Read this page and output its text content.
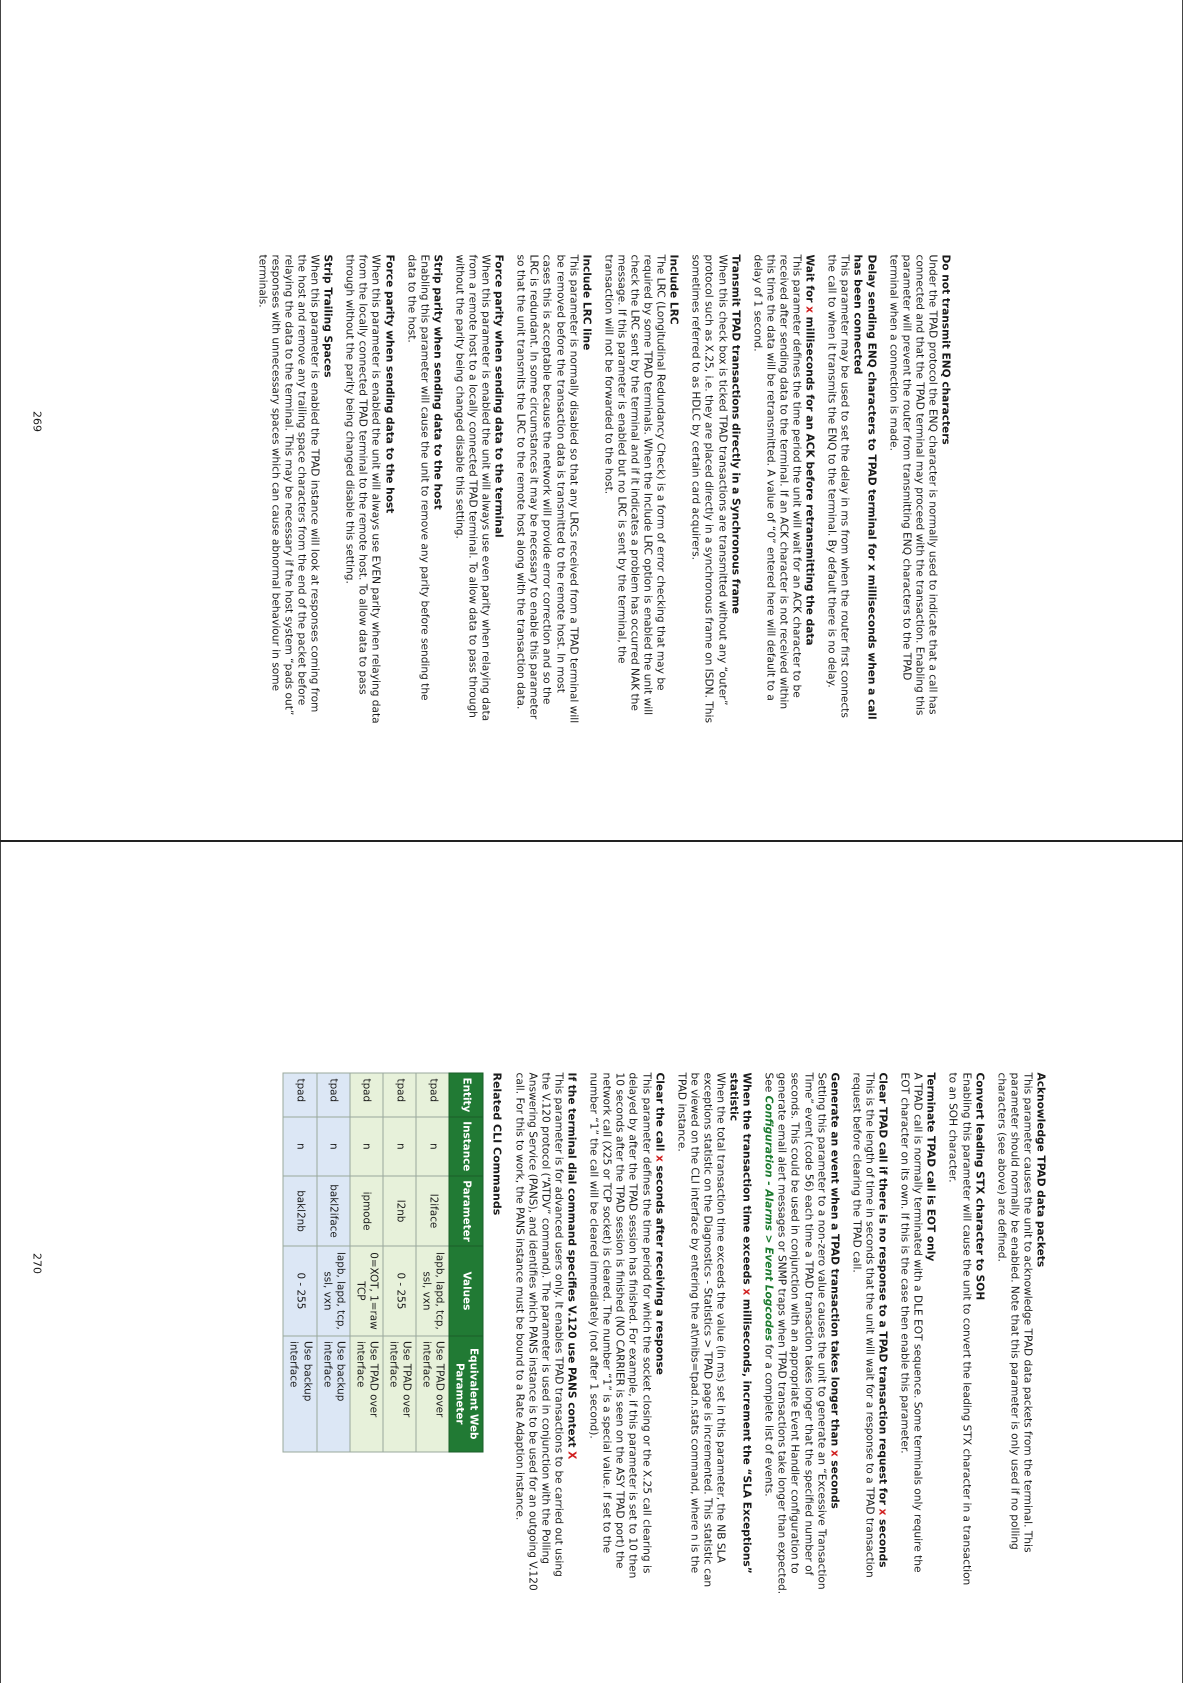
Do not transmit ENQ characters

Under the TPAD protocol the ENQ character is normally used to indicate that a call has connected and that the TPAD terminal may proceed with the transaction. Enabling this parameter will prevent the router from transmitting ENQ characters to the TPAD terminal when a connection is made.

Delay sending ENQ characters to TPAD terminal for x milliseconds when a call has been connected

This parameter may be used to set the delay in ms from when the router first connects the call to when it transmits the ENQ to the terminal. By default there is no delay.

Wait for x milliseconds for an ACK before retransmitting the data

This parameter defines the time period the unit will wait for an ACK character to be received after sending data to the terminal. If an ACK character is not received within this time the data will be retransmitted. A value of “0” entered here will default to a delay of 1 second.

Transmit TPAD transactions directly in a Synchronous frame

When this check box is ticked TPAD transactions are transmitted without any “outer” protocol such as X.25, i.e. they are placed directly in a synchronous frame on ISDN. This sometimes referred to as HDLC by certain card acquirers.

Include LRC

The LRC (Longitudinal Redundancy Check) is a form of error checking that may be required by some TPAD terminals. When the Include LRC option is enabled the unit will check the LRC sent by the terminal and if it indicates a problem has occurred NAK the message. If this parameter is enabled but no LRC is sent by the terminal, the transaction will not be forwarded to the host.

Include LRC line

This parameter is normally disabled so that any LRCs received from a TPAD terminal will be removed before the transaction data is transmitted to the remote host. In most cases this is acceptable because the network will provide error correction and so the LRC is redundant. In some circumstances it may be necessary to enable this parameter so that the unit transmits the LRC to the remote host along with the transaction data.

Force parity when sending data to the terminal

When this parameter is enabled the unit will always use even parity when relaying data from a remote host to a locally connected TPAD terminal. To allow data to pass through without the parity being changed disable this setting.

Strip parity when sending data to the host

Enabling this parameter will cause the unit to remove any parity before sending the data to the host.

Force parity when sending data to the host

When this parameter is enabled the unit will always use EVEN parity when relaying data from the locally connected TPAD terminal to the remote host. To allow data to pass through without the parity being changed disable this setting.

Strip Trailing Spaces

When this parameter is enabled the TPAD instance will look at responses coming from the host and remove any trailing space characters from the end of the packet before relaying the data to the terminal. This may be necessary if the host system “pads out” responses with unnecessary spaces which can cause abnormal behaviour in some terminals.

269

Acknowledge TPAD data packets

This parameter causes the unit to acknowledge TPAD data packets from the terminal. This parameter should normally be enabled. Note that this parameter is only used if no polling characters (see above) are defined.

Convert leading STX character to SOH

Enabling this parameter will cause the unit to convert the leading STX character in a transaction to an SOH character.

Terminate TPAD call is EOT only

A TPAD call is normally terminated with a DLE EOT sequence. Some terminals only require the EOT character on its own. If this is the case then enable this parameter.

Clear TPAD call if there is no response to a TPAD transaction request for x seconds

This is the length of time in seconds that the unit will wait for a response to a TPAD transaction request before clearing the TPAD call.

Generate an event when a TPAD transaction takes longer than x seconds

Setting this parameter to a non-zero value causes the unit to generate an “Excessive Transaction Time” event (code 56) each time a TPAD transaction takes longer that the specified number of seconds. This could be used in conjunction with an appropriate Event Handler configuration to generate email alert messages or SNMP traps when TPAD transactions take longer than expected. See Configuration - Alarms > Event Logcodes for a complete list of events.

When the transaction time exceeds x milliseconds, increment the “SLA Exceptions” statistic

When the total transaction time exceeds the value (in ms) set in this parameter, the NB SLA exceptions statistic on the Diagnostics - Statistics > TPAD page is incremented. This statistic can be viewed on the CLI interface by entering the at\mibs=tpad.n.stats command, where n is the TPAD instance.

Clear the call x seconds after receiving a response

This parameter defines the time period for which the socket closing or the X.25 call clearing is delayed by after the TPAD session has finished. For example, if this parameter is set to 10 then 10 seconds after the TPAD session is finished (NO CARRIER is seen on the ASY TPAD port) the network call (X25 or TCP socket) is cleared. The number “1” is a special value. If set to the number “1” the call will be cleared immediately (not after 1 second).

If the terminal dial command specifies V.120 use PANS context X

This parameter is for advanced users only. It enables TPAD transactions to be carried out using the V.120 protocol (“ATDV” command). The parameter is used in conjunction with the Polling Answering Service (PANS), and identifies which PANS instance is to be used for an outgoing V.120 call. For this to work, the PANS instance must be bound to a Rate Adaption instance.

Related CLI Commands

Entity	Instance	Parameter	Values	Equivalent Web Parameter
tpad	n	l2iface	lapb, lapd, tcp, ssl, vxn	Use TPAD over interface
tpad	n	l2nb	0 - 255	Use TPAD over interface
tpad	n	ipmode	0=XOT, 1=raw TCP	Use TPAD over interface
tpad	n	bakl2iface	lapb, lapd, tcp, ssl, vxn	Use backup interface
tpad	n	bakl2nb	0 - 255	Use backup interface
270
